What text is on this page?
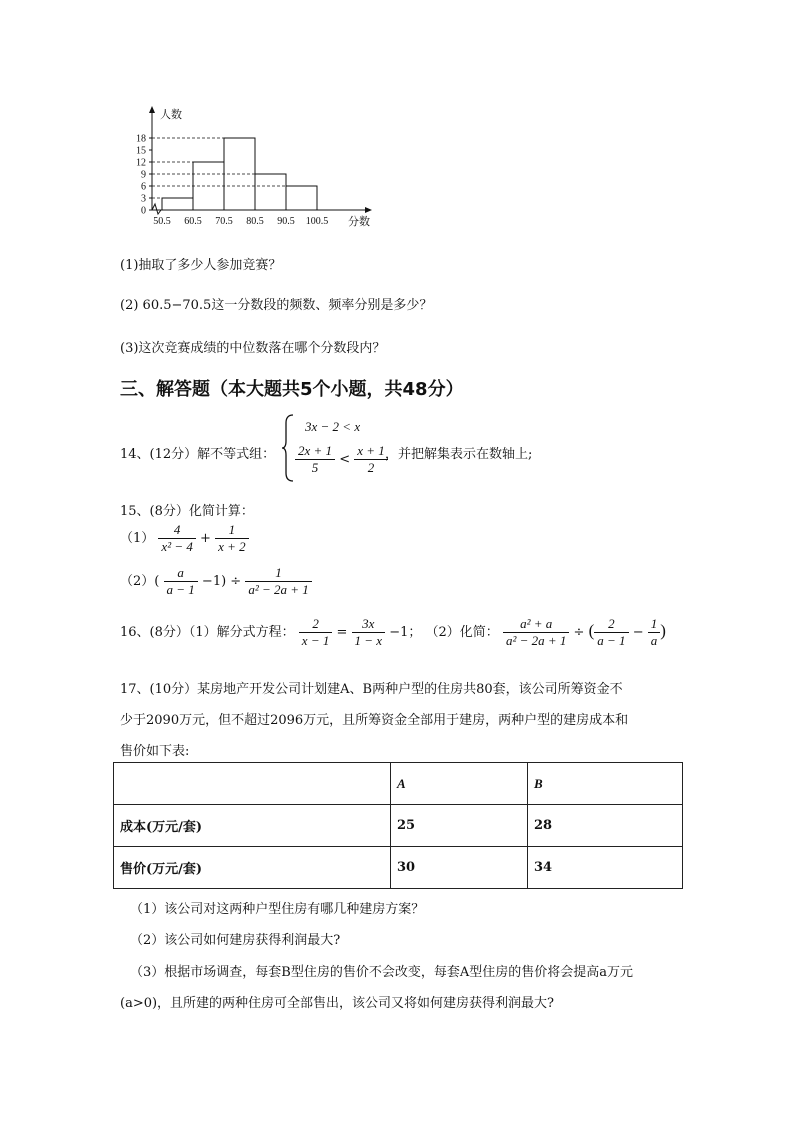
0
3
6
9
12
15
18
50.5 60.5 70.5 80.5 90.5 100.5
人数
分数
(1)抽取了多少人参加竞赛？
(2) 60.5−70.5这一分数段的频数、频率分别是多少？
(3)这次竞赛成绩的中位数落在哪个分数段内？
三、解答题（本大题共5个小题，共48分）
14、(12分）解不等式组：
3x − 2 < x
$\frac{2x + 1}{5} < \frac{x + 1}{2}$
，并把解集表示在数轴上;
15、(8分）化简计算：
$(1) \frac{4}{\text{x² − 4}} + \frac{1}{x + 2}$
$(2)( \frac{a}{a - 1} -1) \div \frac{1}{\text{a² − 2a + 1}}$
16、(8分）（1）解分式方程： $\frac{2}{x - 1} = \frac{3x}{1 - x} -1$； （2）化简： $\frac{\text{a² + a}}{\text{a² − 2a + 1}}$ ÷ ( $\frac{2}{a - 1} - \frac{1}{a}$ )
17、(10分）某房地产开发公司计划建A、B两种户型的住房共80套，该公司所筹资金不
少于2090万元，但不超过2096万元，且所筹资金全部用于建房，两种户型的建房成本和
售价如下表:
	A	B
成本(万元/套)	25	28
售价(万元/套)	30	34
（1）该公司对这两种户型住房有哪几种建房方案？
（2）该公司如何建房获得利润最大?
（3）根据市场调查，每套B型住房的售价不会改变，每套A型住房的售价将会提高a万元
(a>0)，且所建的两种住房可全部售出，该公司又将如何建房获得利润最大?
